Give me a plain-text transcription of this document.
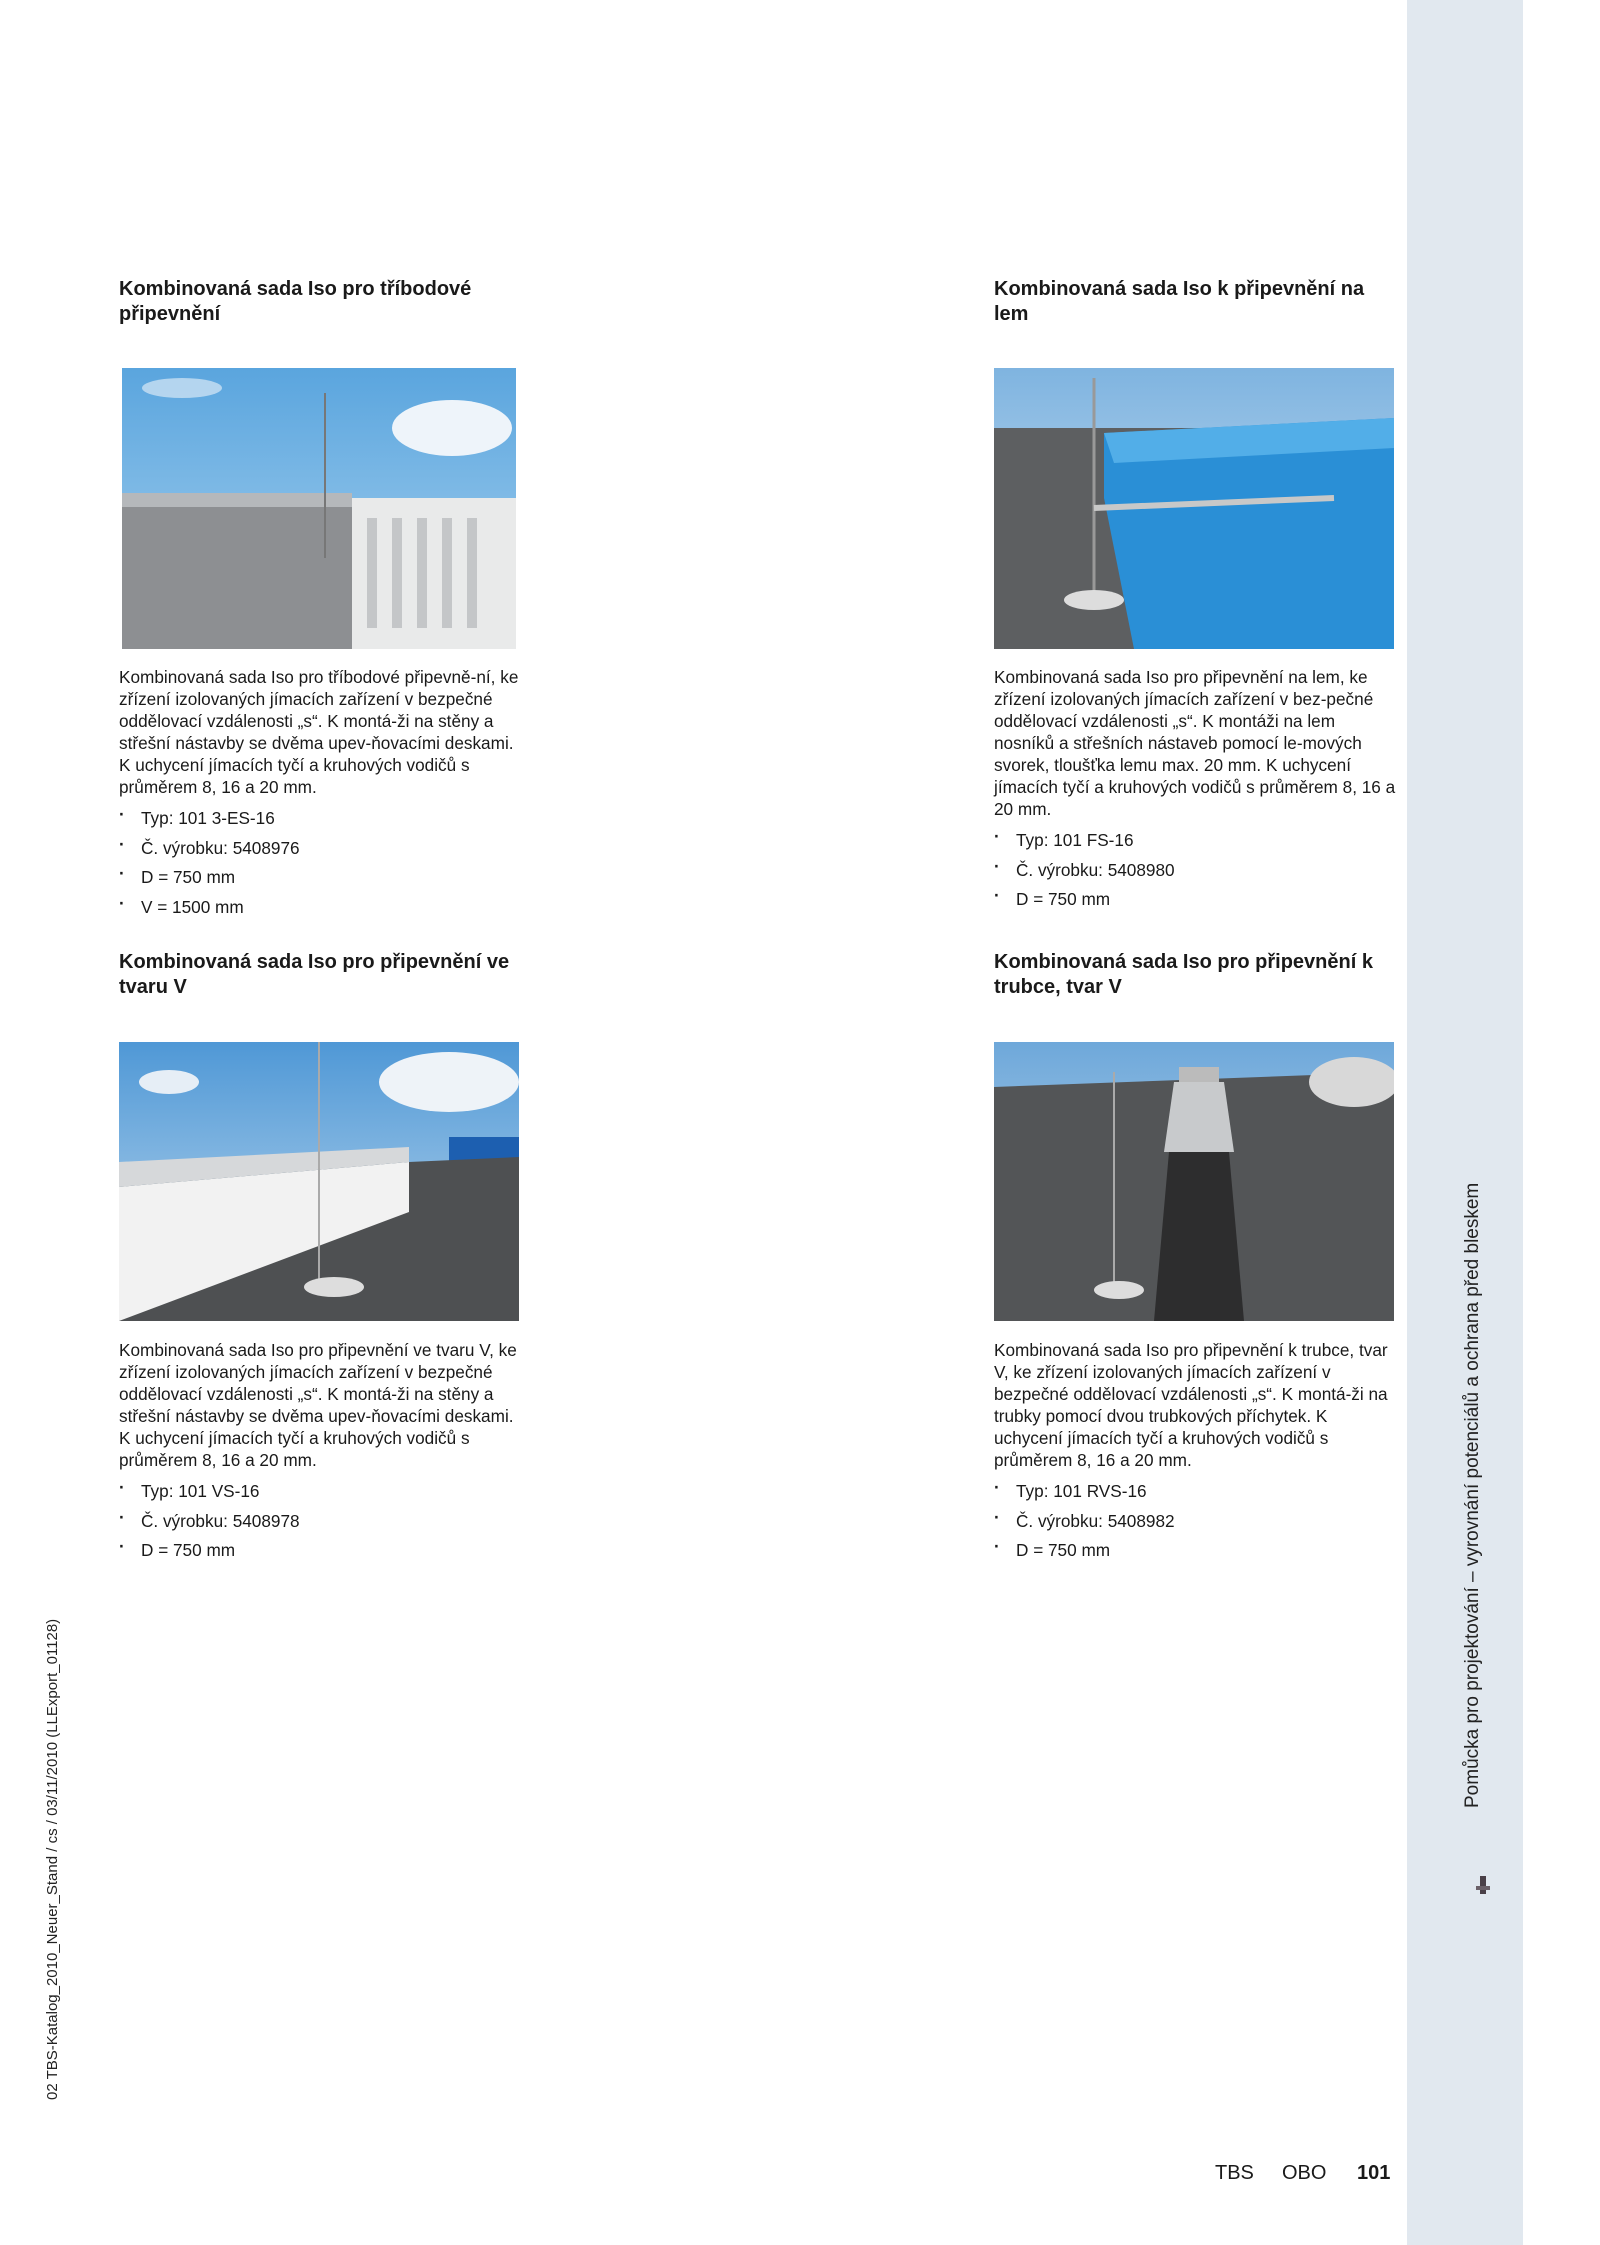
Pomůcka pro projektování – vyrovnání potenciálů a ochrana před bleskem
02 TBS-Katalog_2010_Neuer_Stand / cs / 03/11/2010 (LLExport_01128)
Kombinovaná sada Iso pro tříbodové připevnění
Kombinovaná sada Iso pro tříbodové připevně-ní, ke zřízení izolovaných jímacích zařízení v bezpečné oddělovací vzdálenosti „s“. K montá-ži na stěny a střešní nástavby se dvěma upev-ňovacími deskami. K uchycení jímacích tyčí a kruhových vodičů s průměrem 8, 16 a 20 mm.
· Typ: 101 3-ES-16
· Č. výrobku: 5408976
· D = 750 mm
· V = 1500 mm
Kombinovaná sada Iso k připevnění na lem
Kombinovaná sada Iso pro připevnění na lem, ke zřízení izolovaných jímacích zařízení v bez-pečné oddělovací vzdálenosti „s“. K montáži na lem nosníků a střešních nástaveb pomocí le-mových svorek, tloušťka lemu max. 20 mm. K uchycení jímacích tyčí a kruhových vodičů s průměrem 8, 16 a 20 mm.
· Typ: 101 FS-16
· Č. výrobku: 5408980
· D = 750 mm
Kombinovaná sada Iso pro připevnění ve tvaru V
Kombinovaná sada Iso pro připevnění ve tvaru V, ke zřízení izolovaných jímacích zařízení v bezpečné oddělovací vzdálenosti „s“. K montá-ži na stěny a střešní nástavby se dvěma upev-ňovacími deskami. K uchycení jímacích tyčí a kruhových vodičů s průměrem 8, 16 a 20 mm.
· Typ: 101 VS-16
· Č. výrobku: 5408978
· D = 750 mm
Kombinovaná sada Iso pro připevnění k trubce, tvar V
Kombinovaná sada Iso pro připevnění k trubce, tvar V, ke zřízení izolovaných jímacích zařízení v bezpečné oddělovací vzdálenosti „s“. K montá-ži na trubky pomocí dvou trubkových příchytek. K uchycení jímacích tyčí a kruhových vodičů s průměrem 8, 16 a 20 mm.
· Typ: 101 RVS-16
· Č. výrobku: 5408982
· D = 750 mm
TBS OBO 101
